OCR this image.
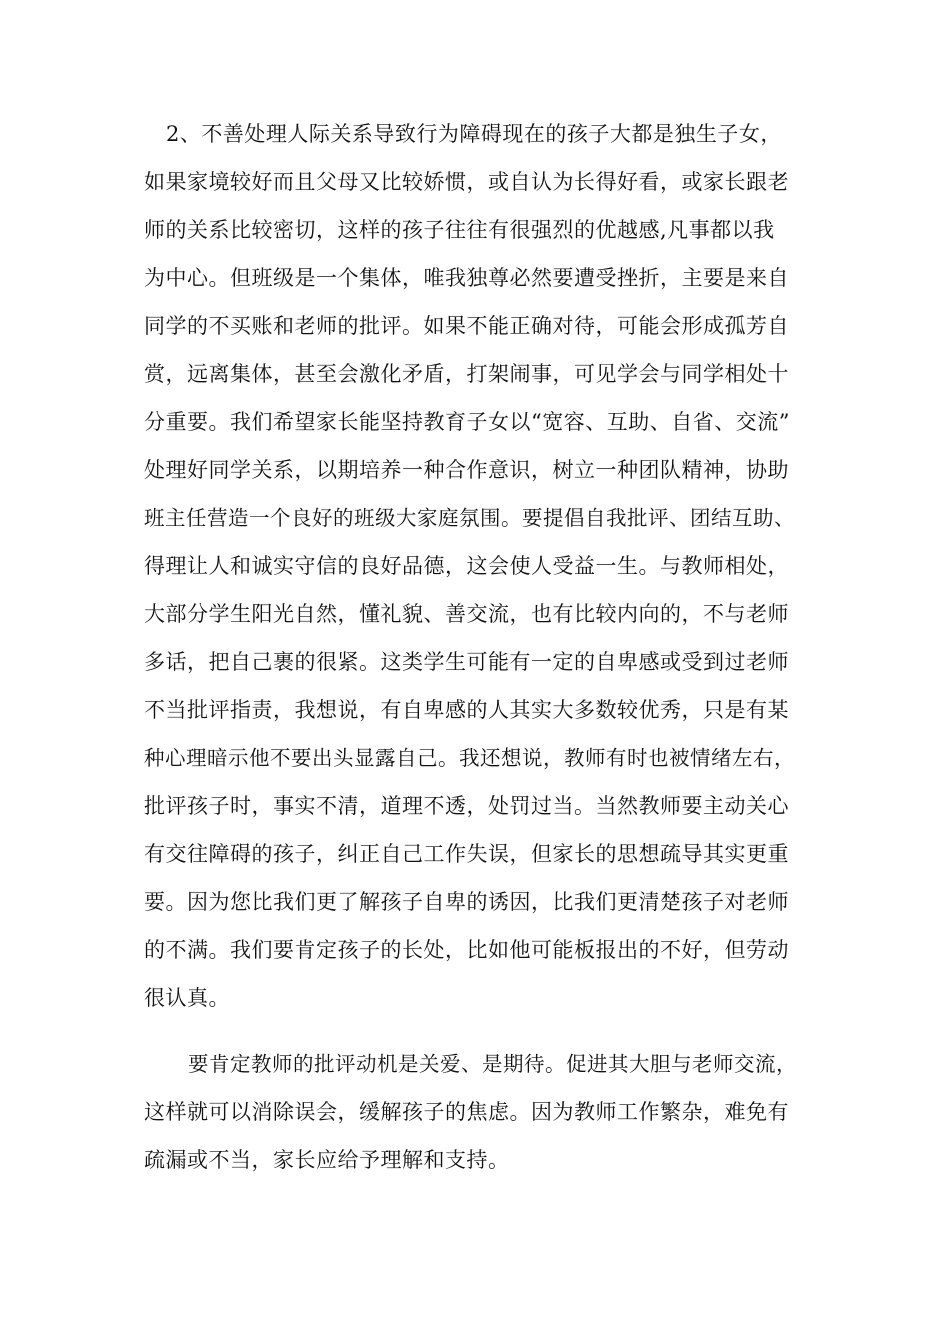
2、不善处理人际关系导致行为障碍现在的孩子大都是独生子女，
如果家境较好而且父母又比较娇惯，或自认为长得好看，或家长跟老
师的关系比较密切，这样的孩子往往有很强烈的优越感,凡事都以我
为中心。但班级是一个集体，唯我独尊必然要遭受挫折，主要是来自
同学的不买账和老师的批评。如果不能正确对待，可能会形成孤芳自
赏，远离集体，甚至会激化矛盾，打架闹事，可见学会与同学相处十
分重要。我们希望家长能坚持教育子女以“宽容、互助、自省、交流”
处理好同学关系，以期培养一种合作意识，树立一种团队精神，协助
班主任营造一个良好的班级大家庭氛围。要提倡自我批评、团结互助、
得理让人和诚实守信的良好品德，这会使人受益一生。与教师相处，
大部分学生阳光自然，懂礼貌、善交流，也有比较内向的，不与老师
多话，把自己裹的很紧。这类学生可能有一定的自卑感或受到过老师
不当批评指责，我想说，有自卑感的人其实大多数较优秀，只是有某
种心理暗示他不要出头显露自己。我还想说，教师有时也被情绪左右，
批评孩子时，事实不清，道理不透，处罚过当。当然教师要主动关心
有交往障碍的孩子，纠正自己工作失误，但家长的思想疏导其实更重
要。因为您比我们更了解孩子自卑的诱因，比我们更清楚孩子对老师
的不满。我们要肯定孩子的长处，比如他可能板报出的不好，但劳动
很认真。
要肯定教师的批评动机是关爱、是期待。促进其大胆与老师交流，
这样就可以消除误会，缓解孩子的焦虑。因为教师工作繁杂，难免有
疏漏或不当，家长应给予理解和支持。
